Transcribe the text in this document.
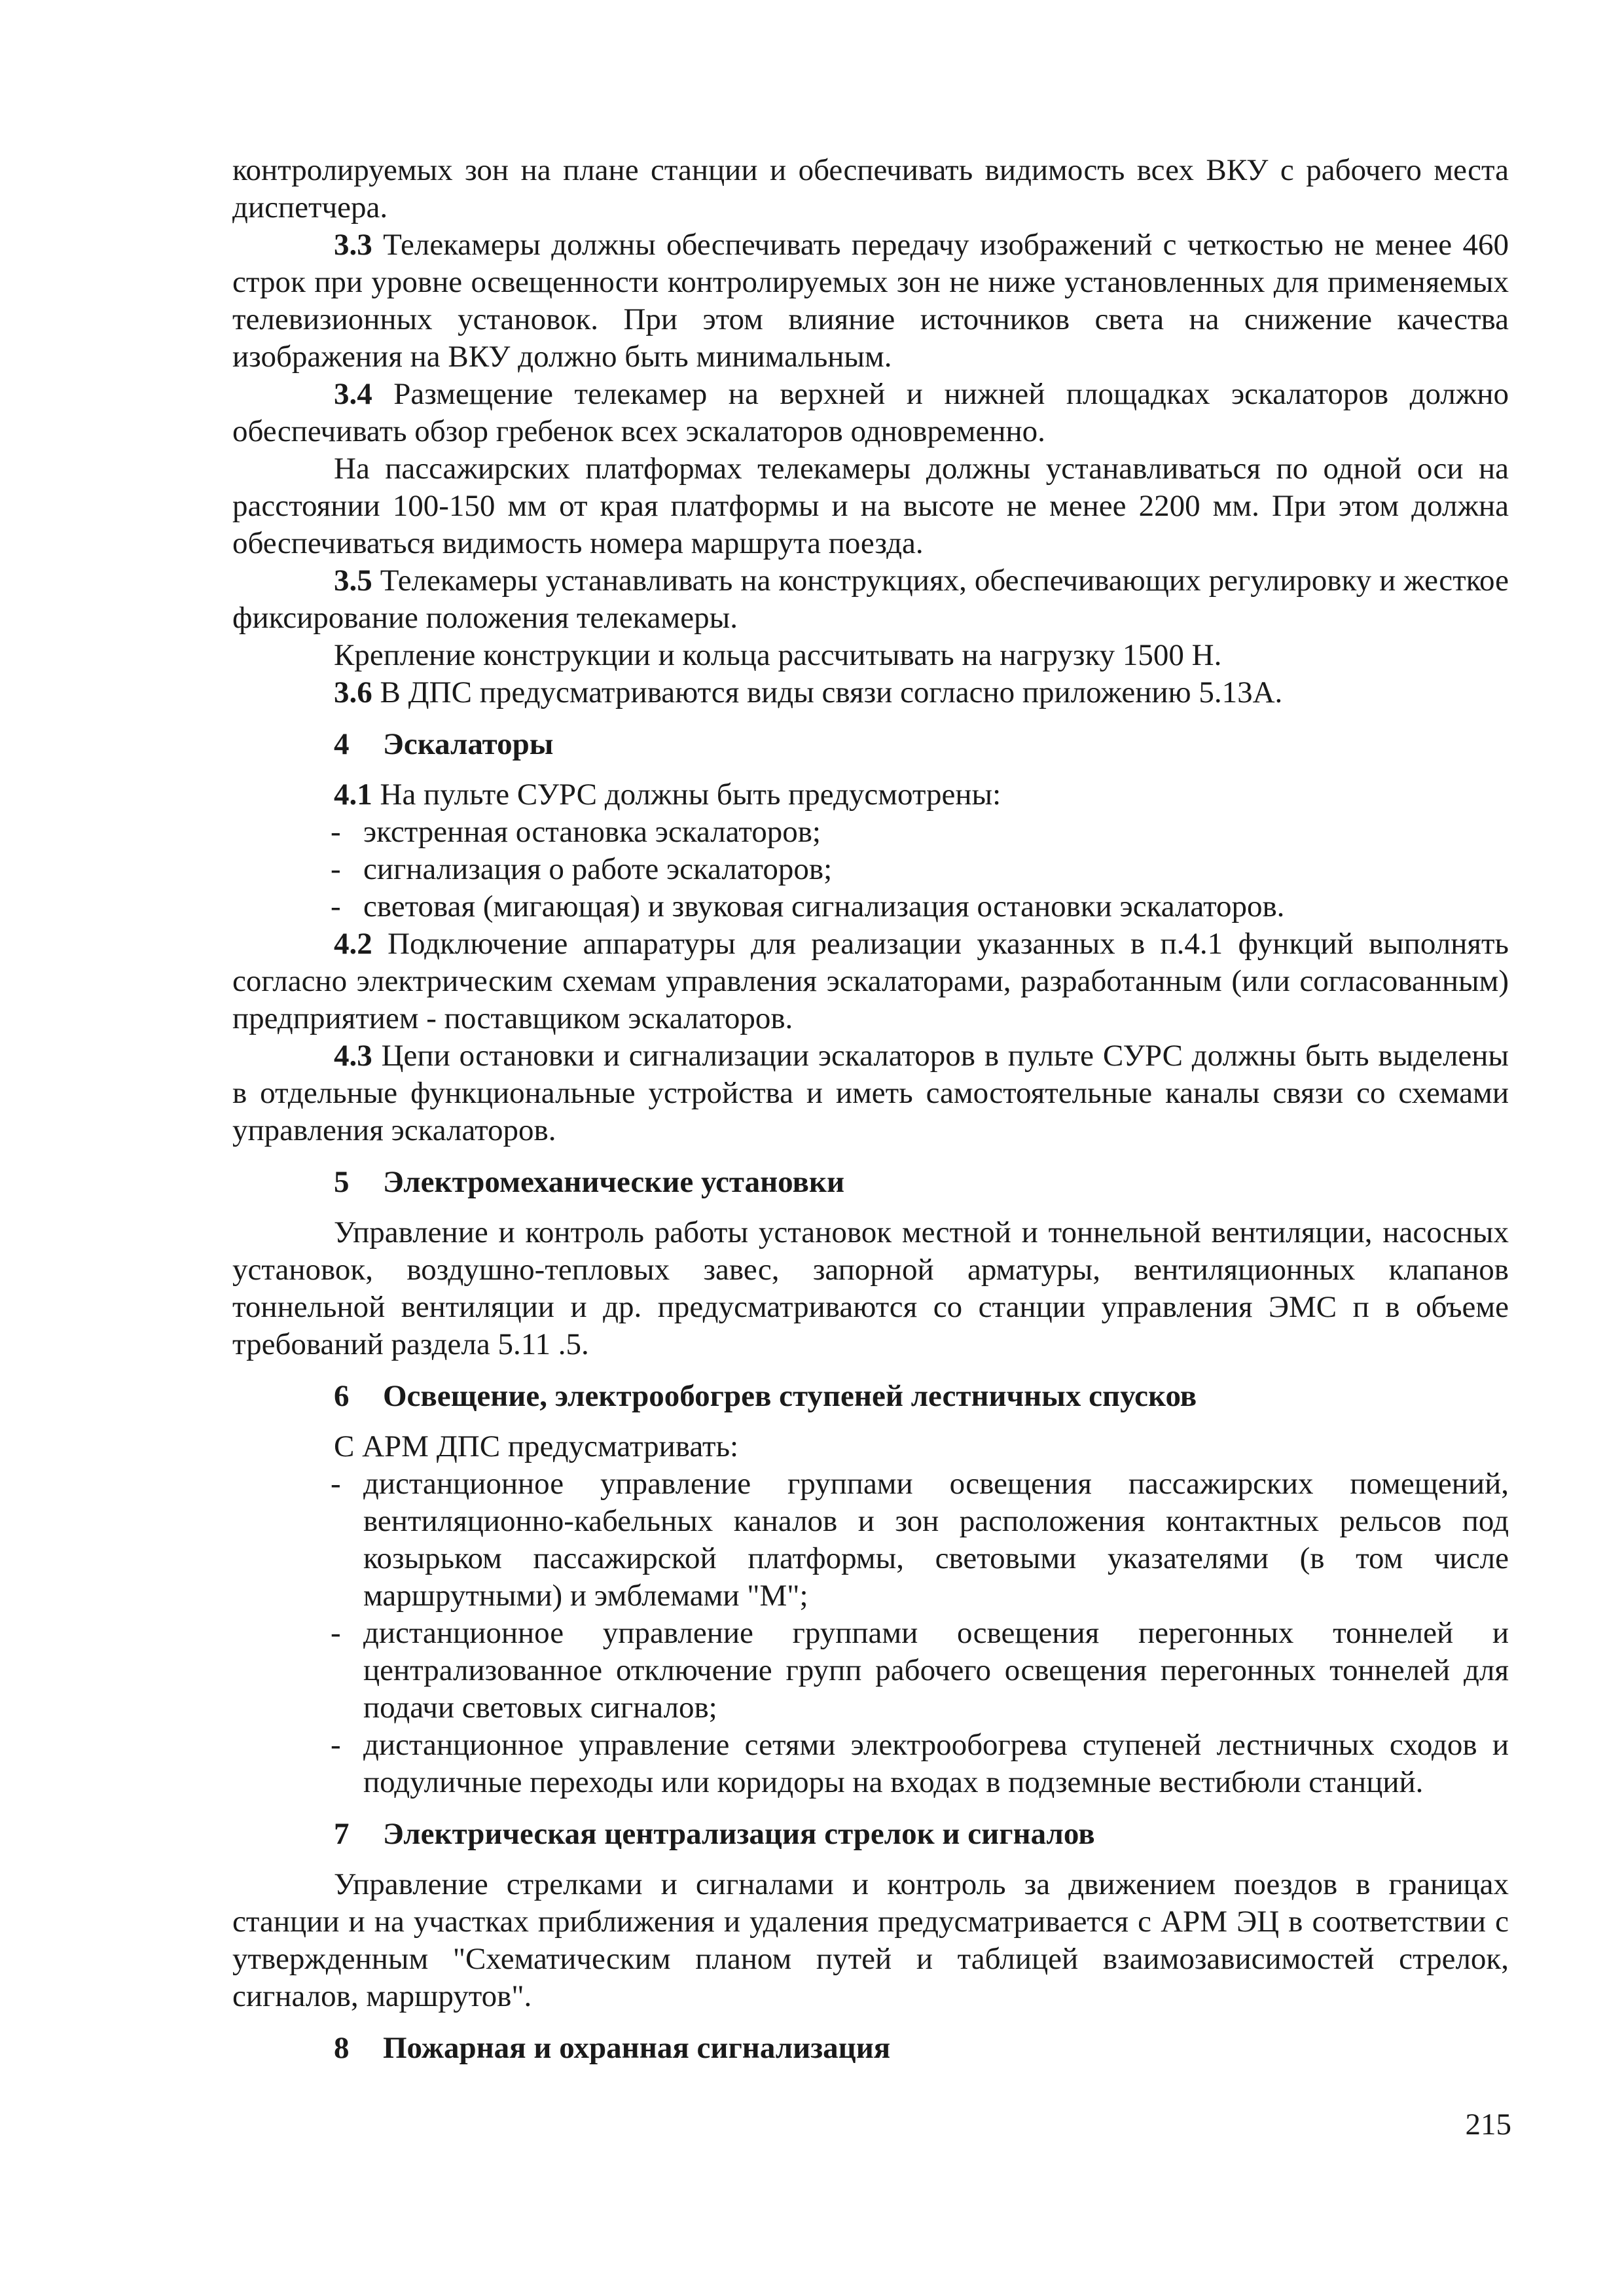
контролируемых зон на плане станции и обеспечивать видимость всех ВКУ с рабочего места диспетчера.

3.3 Телекамеры должны обеспечивать передачу изображений с четкостью не менее 460 строк при уровне освещенности контролируемых зон не ниже установленных для применяемых телевизионных установок. При этом влияние источников света на снижение качества изображения на ВКУ должно быть минимальным.

3.4 Размещение телекамер на верхней и нижней площадках эскалаторов должно обеспечивать обзор гребенок всех эскалаторов одновременно.

На пассажирских платформах телекамеры должны устанавливаться по одной оси на расстоянии 100-150 мм от края платформы и на высоте не менее 2200 мм. При этом должна обеспечиваться видимость номера маршрута поезда.

3.5 Телекамеры устанавливать на конструкциях, обеспечивающих регулировку и жесткое фиксирование положения телекамеры.

Крепление конструкции и кольца рассчитывать на нагрузку 1500 Н.

3.6 В ДПС предусматриваются виды связи согласно приложению 5.13А.

4 Эскалаторы

4.1 На пульте СУРС должны быть предусмотрены:

- экстренная остановка эскалаторов;

- сигнализация о работе эскалаторов;

- световая (мигающая) и звуковая сигнализация остановки эскалаторов.

4.2 Подключение аппаратуры для реализации указанных в п.4.1 функций выполнять согласно электрическим схемам управления эскалаторами, разработанным (или согласованным) предприятием - поставщиком эскалаторов.

4.3 Цепи остановки и сигнализации эскалаторов в пульте СУРС должны быть выделены в отдельные функциональные устройства и иметь самостоятельные каналы связи со схемами управления эскалаторов.

5 Электромеханические установки

Управление и контроль работы установок местной и тоннельной вентиляции, насосных установок, воздушно-тепловых завес, запорной арматуры, вентиляционных клапанов тоннельной вентиляции и др. предусматриваются со станции управления ЭМС п в объеме требований раздела 5.11 .5.

6 Освещение, электрообогрев ступеней лестничных спусков

С АРМ ДПС предусматривать:

- дистанционное управление группами освещения пассажирских помещений, вентиляционно-кабельных каналов и зон расположения контактных рельсов под козырьком пассажирской платформы, световыми указателями (в том числе маршрутными) и эмблемами "М";

- дистанционное управление группами освещения перегонных тоннелей и централизованное отключение групп рабочего освещения перегонных тоннелей для подачи световых сигналов;

- дистанционное управление сетями электрообогрева ступеней лестничных сходов и подуличные переходы или коридоры на входах в подземные вестибюли станций.

7 Электрическая централизация стрелок и сигналов

Управление стрелками и сигналами и контроль за движением поездов в границах станции и на участках приближения и удаления предусматривается с АРМ ЭЦ в соответствии с утвержденным "Схематическим планом путей и таблицей взаимозависимостей стрелок, сигналов, маршрутов".

8 Пожарная и охранная сигнализация
215
